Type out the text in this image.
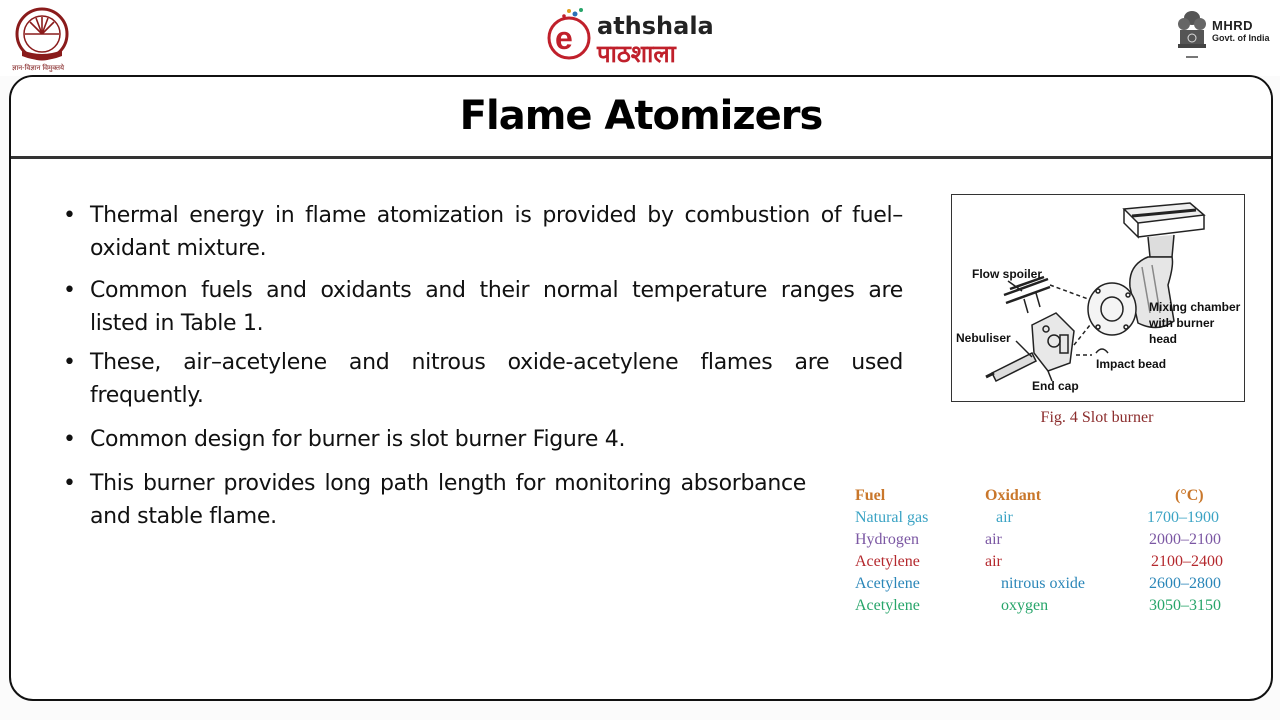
ज्ञान-विज्ञान विमुक्तये
e athshala
पाठशाला
MHRD
Govt. of India
Flame Atomizers
• Thermal energy in flame atomization is provided by combustion of fuel–oxidant mixture.
• Common fuels and oxidants and their normal temperature ranges are listed in Table 1.
• These, air–acetylene and nitrous oxide-acetylene flames are used frequently.
• Common design for burner is slot burner Figure 4.
• This burner provides long path length for monitoring absorbance and stable flame.
Flow spoiler
Mixing chamber with burner head
Nebuliser
Impact bead
End cap
Fig. 4 Slot burner
Fuel	Oxidant	(°C)
Natural gas	air	1700–1900
Hydrogen	air	2000–2100
Acetylene	air	2100–2400
Acetylene	nitrous oxide	2600–2800
Acetylene	oxygen	3050–3150
